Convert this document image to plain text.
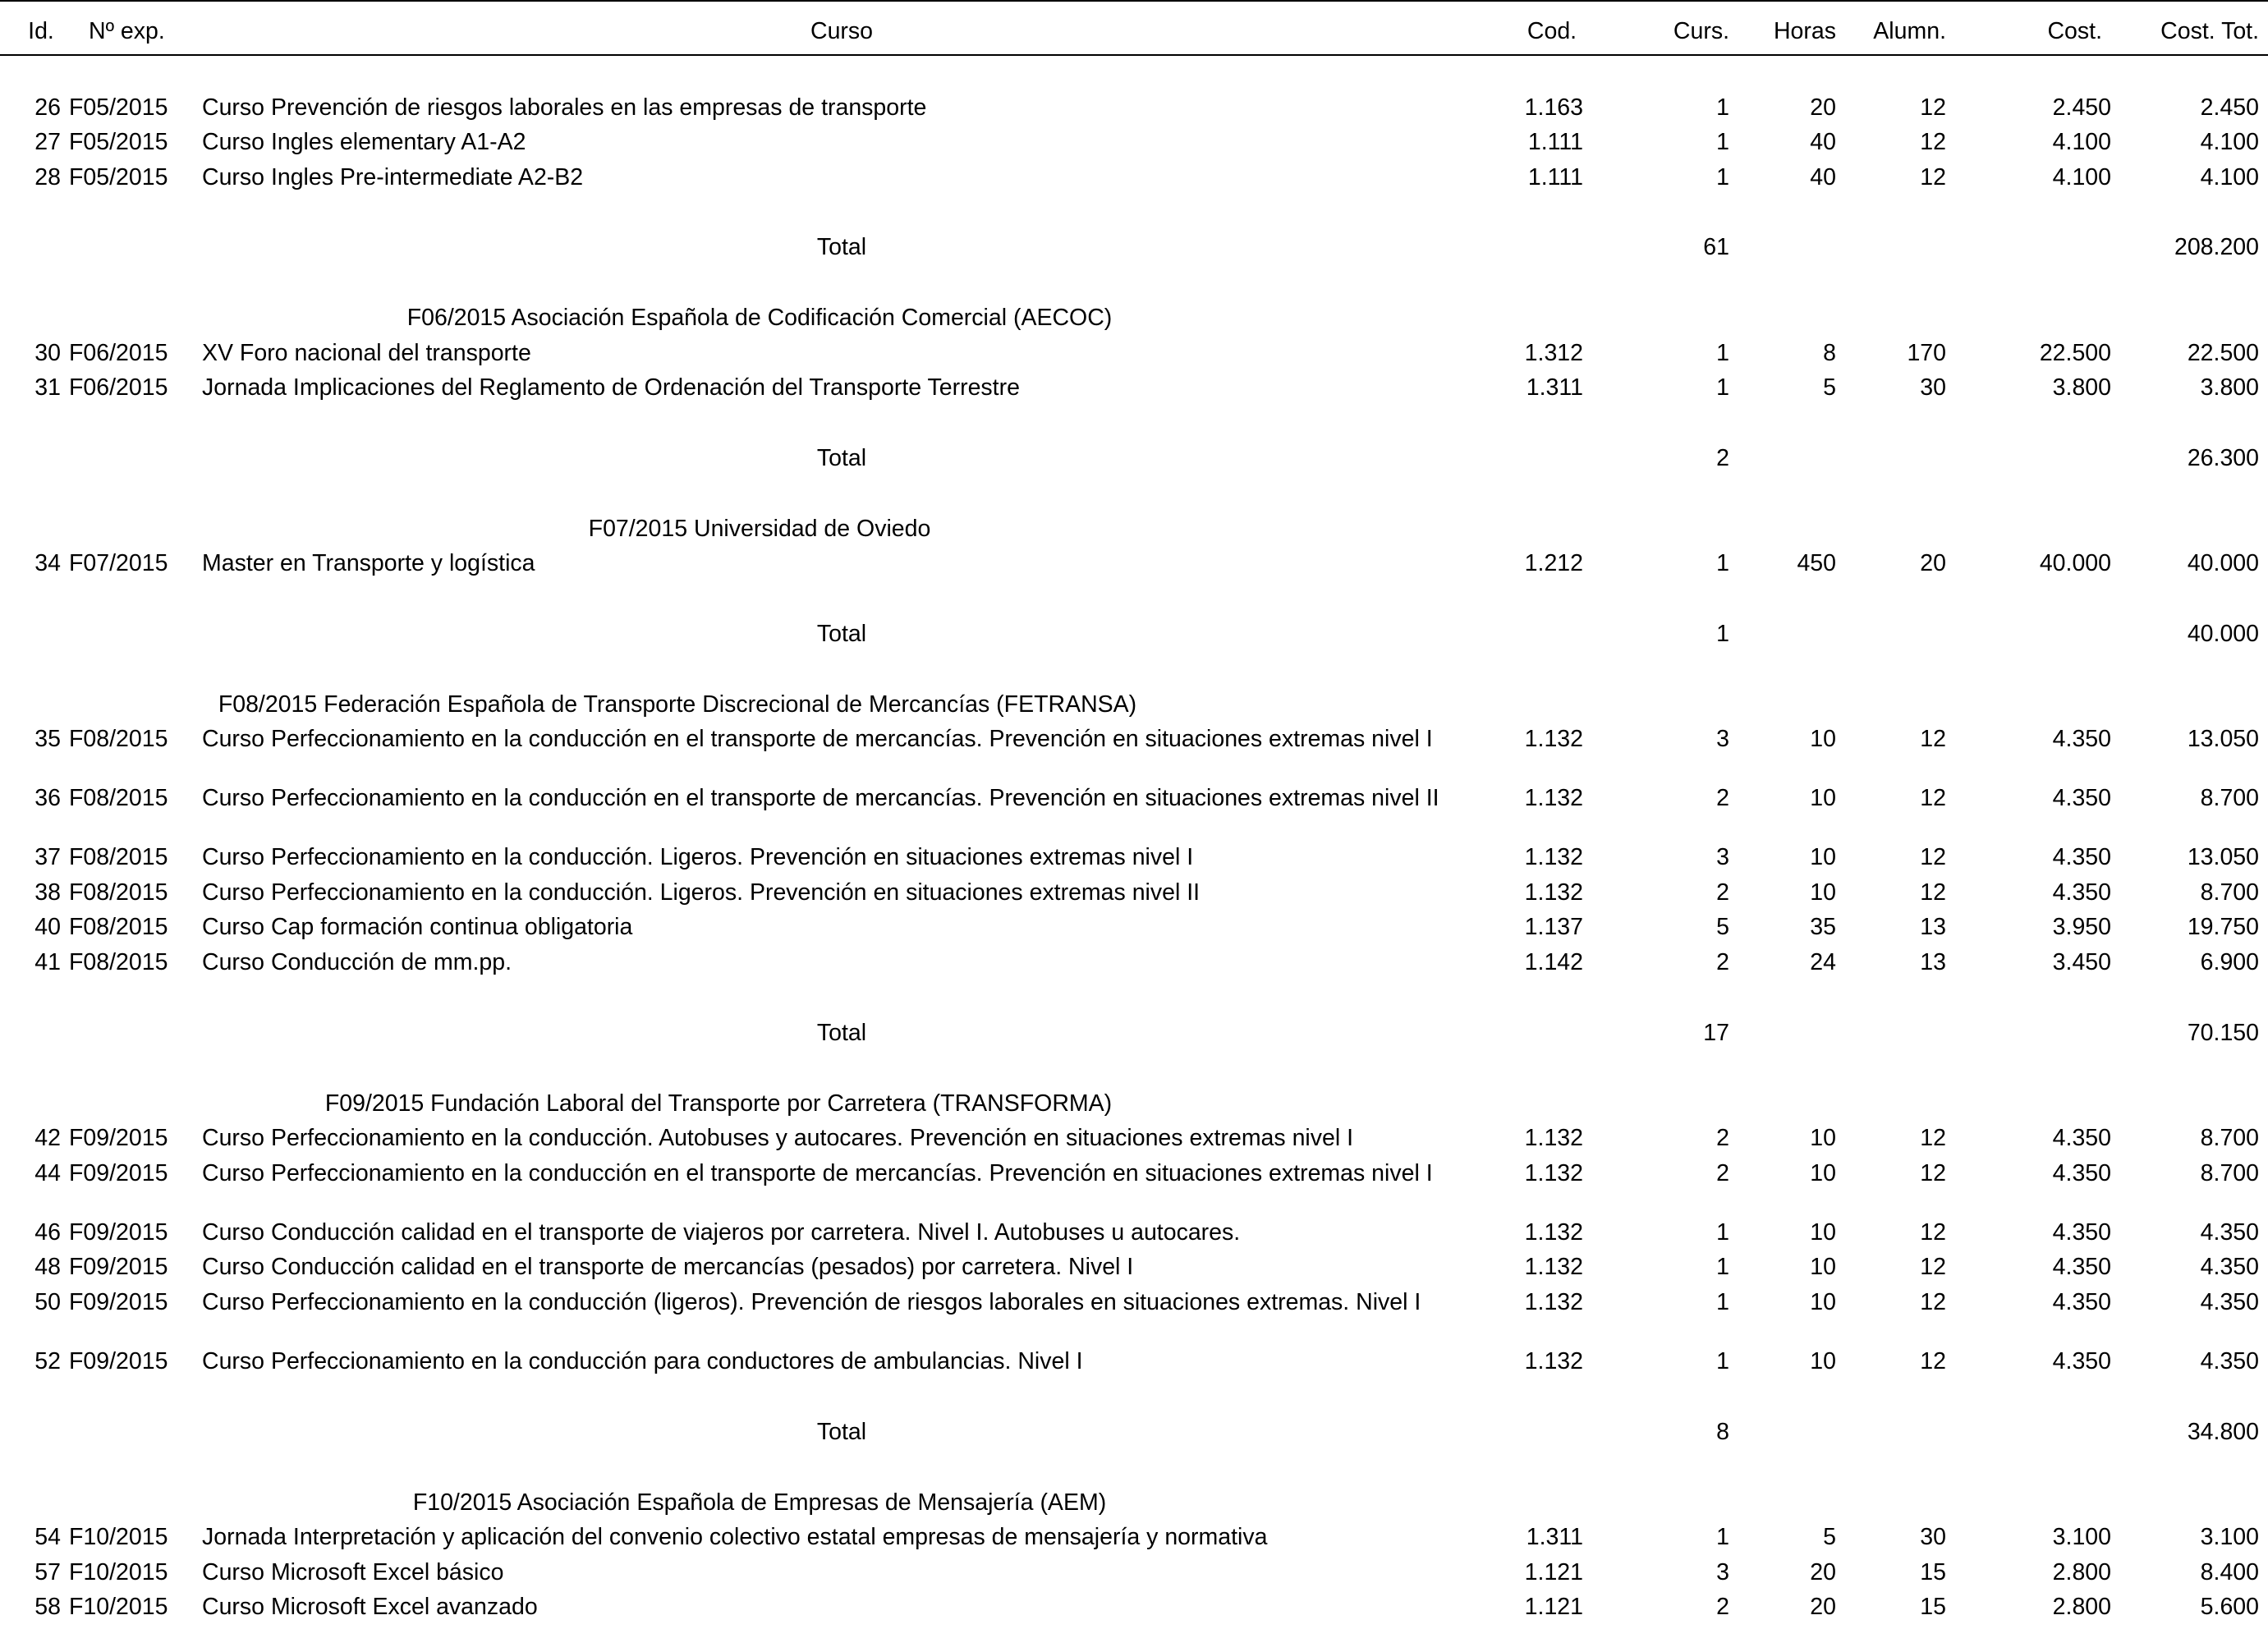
Id.	Nº exp.	Curso	Cod.	Curs.	Horas	Alumn.	Cost.	Cost. Tot.
26 F05/2015 Curso Prevención de riesgos laborales en las empresas de transporte	1.163	1	20	12	2.450	2.450
27 F05/2015 Curso Ingles elementary A1-A2	1.111	1	40	12	4.100	4.100
28 F05/2015 Curso Ingles Pre-intermediate A2-B2	1.111	1	40	12	4.100	4.100
Total	61	208.200
F06/2015 Asociación Española de Codificación Comercial (AECOC)
30 F06/2015 XV Foro nacional del transporte	1.312	1	8	170	22.500	22.500
31 F06/2015 Jornada Implicaciones del Reglamento de Ordenación del Transporte Terrestre	1.311	1	5	30	3.800	3.800
Total	2	26.300
F07/2015 Universidad de Oviedo
34 F07/2015 Master en Transporte y logística	1.212	1	450	20	40.000	40.000
Total	1	40.000
F08/2015 Federación Española de Transporte Discrecional de Mercancías (FETRANSA)
35 F08/2015 Curso Perfeccionamiento en la conducción en el transporte de mercancías. Prevención en situaciones extremas nivel I	1.132	3	10	12	4.350	13.050
36 F08/2015 Curso Perfeccionamiento en la conducción en el transporte de mercancías. Prevención en situaciones extremas nivel II	1.132	2	10	12	4.350	8.700
37 F08/2015 Curso Perfeccionamiento en la conducción. Ligeros. Prevención en situaciones extremas nivel I	1.132	3	10	12	4.350	13.050
38 F08/2015 Curso Perfeccionamiento en la conducción. Ligeros. Prevención en situaciones extremas nivel II	1.132	2	10	12	4.350	8.700
40 F08/2015 Curso Cap formación continua obligatoria	1.137	5	35	13	3.950	19.750
41 F08/2015 Curso Conducción de mm.pp.	1.142	2	24	13	3.450	6.900
Total	17	70.150
F09/2015 Fundación Laboral del Transporte por Carretera (TRANSFORMA)
42 F09/2015 Curso Perfeccionamiento en la conducción. Autobuses y autocares. Prevención en situaciones extremas nivel I	1.132	2	10	12	4.350	8.700
44 F09/2015 Curso Perfeccionamiento en la conducción en el transporte de mercancías. Prevención en situaciones extremas nivel I	1.132	2	10	12	4.350	8.700
46 F09/2015 Curso Conducción calidad en el transporte de viajeros por carretera. Nivel I. Autobuses u autocares.	1.132	1	10	12	4.350	4.350
48 F09/2015 Curso Conducción calidad en el transporte de mercancías (pesados) por carretera. Nivel I	1.132	1	10	12	4.350	4.350
50 F09/2015 Curso Perfeccionamiento en la conducción (ligeros). Prevención de riesgos laborales en situaciones extremas. Nivel I	1.132	1	10	12	4.350	4.350
52 F09/2015 Curso Perfeccionamiento en la conducción para conductores de ambulancias. Nivel I	1.132	1	10	12	4.350	4.350
Total	8	34.800
F10/2015 Asociación Española de Empresas de Mensajería (AEM)
54 F10/2015 Jornada Interpretación y aplicación del convenio colectivo estatal empresas de mensajería y normativa	1.311	1	5	30	3.100	3.100
57 F10/2015 Curso Microsoft Excel básico	1.121	3	20	15	2.800	8.400
58 F10/2015 Curso Microsoft Excel avanzado	1.121	2	20	15	2.800	5.600
